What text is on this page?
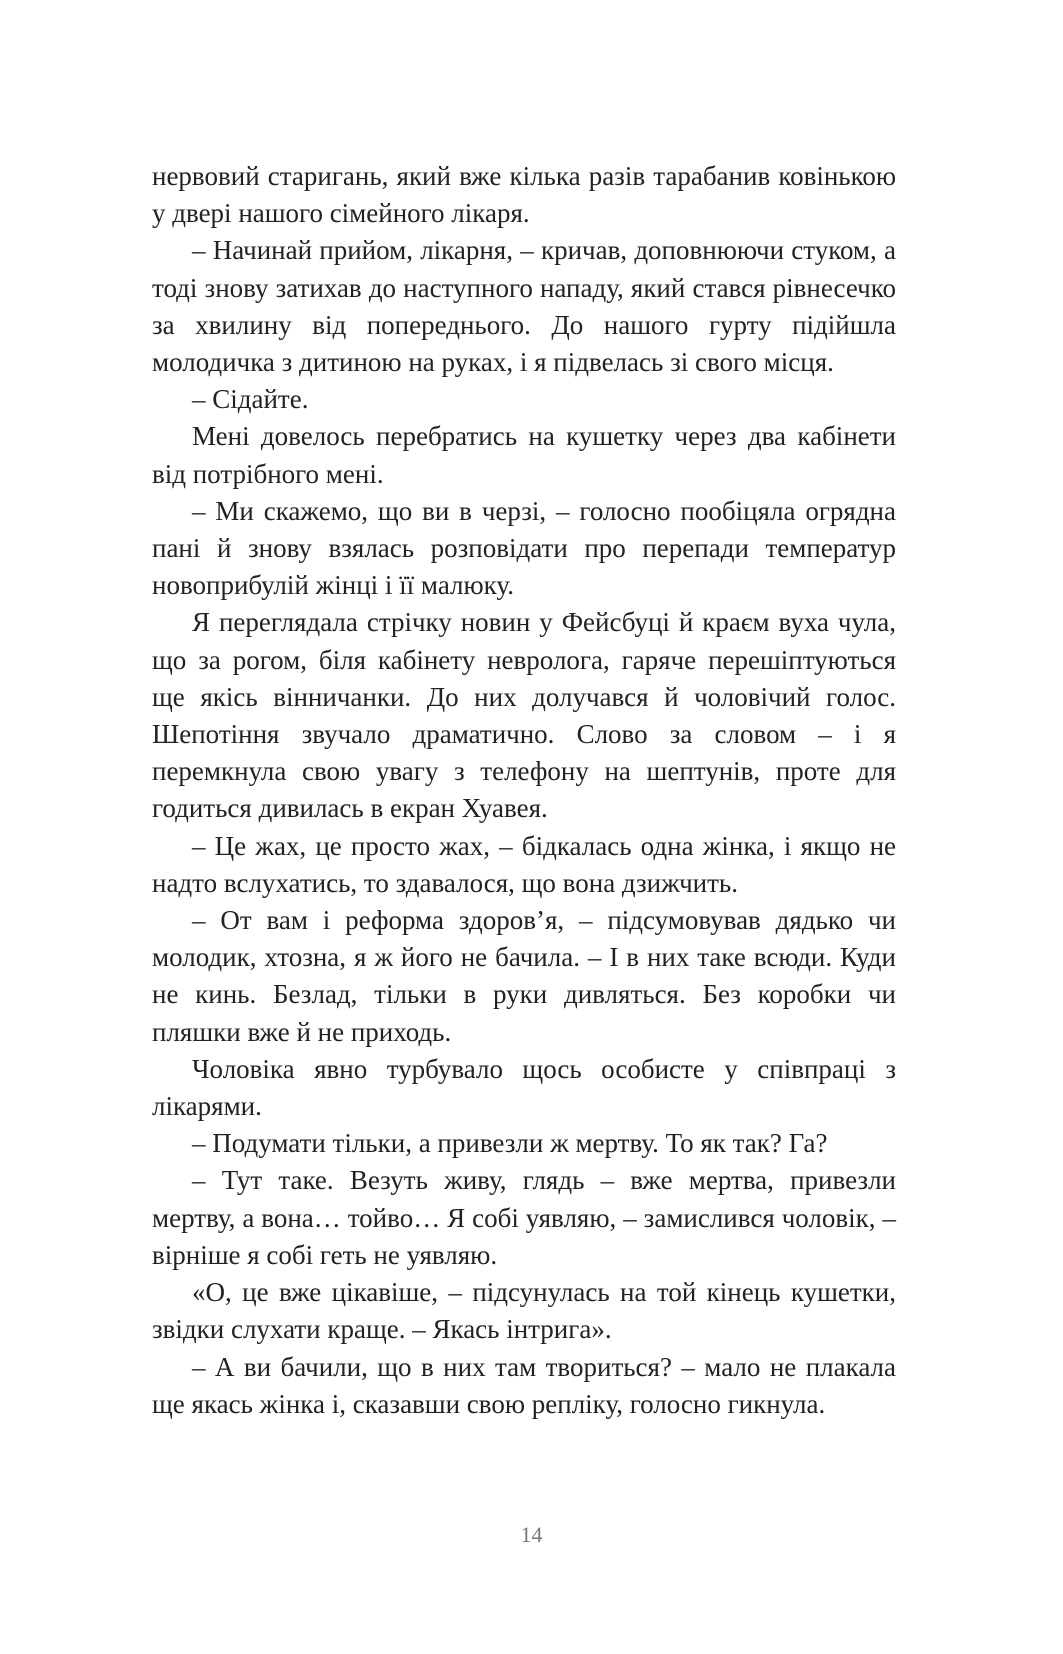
нервовий старигань, який вже кілька разів тарабанив ковінькою у двері нашого сімейного лікаря.

– Начинай прийом, лікарня, – кричав, доповнюючи стуком, а тоді знову затихав до наступного нападу, який стався рівнесечко за хвилину від попереднього. До нашого гурту підійшла молодичка з дитиною на руках, і я підвелась зі свого місця.

– Сідайте.

Мені довелось перебратись на кушетку через два кабінети від потрібного мені.

– Ми скажемо, що ви в черзі, – голосно пообіцяла огрядна пані й знову взялась розповідати про перепади температур новоприбулій жінці і її малюку.

Я переглядала стрічку новин у Фейсбуці й краєм вуха чула, що за рогом, біля кабінету невролога, гаряче перешіптуються ще якісь вінничанки. До них долучався й чоловічий голос. Шепотіння звучало драматично. Слово за словом – і я перемкнула свою увагу з телефону на шептунів, проте для годиться дивилась в екран Хуавея.

– Це жах, це просто жах, – бідкалась одна жінка, і якщо не надто вслухатись, то здавалося, що вона дзижчить.

– От вам і реформа здоров’я, – підсумовував дядько чи молодик, хтозна, я ж його не бачила. – І в них таке всюди. Куди не кинь. Безлад, тільки в руки дивляться. Без коробки чи пляшки вже й не приходь.

Чоловіка явно турбувало щось особисте у співпраці з лікарями.

– Подумати тільки, а привезли ж мертву. То як так? Га?

– Тут таке. Везуть живу, глядь – вже мертва, привезли мертву, а вона… тойво… Я собі уявляю, – замислився чоловік, – вірніше я собі геть не уявляю.

«О, це вже цікавіше, – підсунулась на той кінець кушетки, звідки слухати краще. – Якась інтрига».

– А ви бачили, що в них там твориться? – мало не плакала ще якась жінка і, сказавши свою репліку, голосно гикнула.

14
